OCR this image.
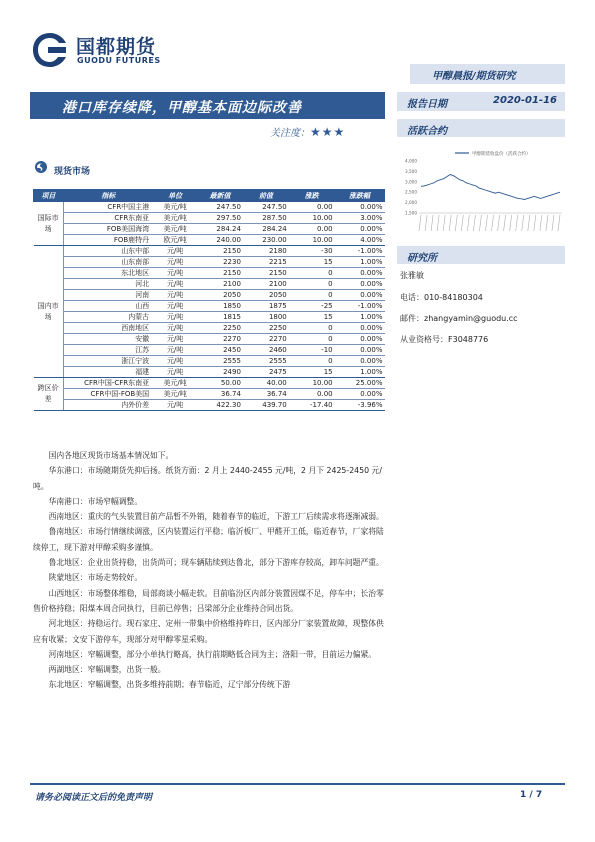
国都期货
GUODU FUTURES
甲醇晨报/期货研究
港口库存续降，甲醇基本面边际改善
关注度：★★★
报告日期	2020-01-16
活跃合约
甲醇期货收盘价（活跃合约）
4,000
3,500
3,000
2,500
2,000
1,500
研究所
张雅敏
电话：010-84180304
邮件：zhangyamin@guodu.cc
从业资格号：F3048776
现货市场
项目	指标	单位	最新值	前值	涨跌	涨跌幅
国际市场	CFR中国主港	美元/吨	247.50	247.50	0.00	0.00%
	CFR东南亚	美元/吨	297.50	287.50	10.00	3.00%
	FOB美国海湾	美元/吨	284.24	284.24	0.00	0.00%
	FOB鹿特丹	欧元/吨	240.00	230.00	10.00	4.00%
国内市场	山东中部	元/吨	2150	2180	-30	-1.00%
	山东南部	元/吨	2230	2215	15	1.00%
	东北地区	元/吨	2150	2150	0	0.00%
	河北	元/吨	2100	2100	0	0.00%
	河南	元/吨	2050	2050	0	0.00%
	山西	元/吨	1850	1875	-25	-1.00%
	内蒙古	元/吨	1815	1800	15	1.00%
	西南地区	元/吨	2250	2250	0	0.00%
	安徽	元/吨	2270	2270	0	0.00%
	江苏	元/吨	2450	2460	-10	0.00%
	浙江宁波	元/吨	2555	2555	0	0.00%
	福建	元/吨	2490	2475	15	1.00%
跨区价差	CFR中国-CFR东南亚	美元/吨	50.00	40.00	10.00	25.00%
	CFR中国-FOB美国	美元/吨	36.74	36.74	0.00	0.00%
	内外价差	元/吨	422.30	439.70	-17.40	-3.96%

国内各地区现货市场基本情况如下。

华东港口：市场随期货先抑后扬。纸货方面：2 月上 2440-2455 元/吨，2 月下 2425-2450 元/吨。

华南港口：市场窄幅调整。

西南地区：重庆的气头装置目前产品暂不外销，随着春节的临近，下游工厂后续需求将逐渐减弱。

鲁南地区：市场行情继续调涨，区内装置运行平稳；临沂板厂、甲醛开工低，临近春节，厂家将陆续停工，现下游对甲醇采购多谨慎。

鲁北地区：企业出货持稳，出货尚可；现车辆陆续到达鲁北，部分下游库存较高，卸车问题严重。

陕蒙地区：市场走势较好。

山西地区：市场整体维稳，局部商谈小幅走软。目前临汾区内部分装置因煤不足，停车中；长治零售价格持稳；阳煤本周合同执行，目前已停售；吕梁部分企业维持合同出货。

河北地区：持稳运行。现石家庄、定州一带集中价格维持昨日，区内部分厂家装置故障，现整体供应有收紧；文安下游停车，现部分对甲醇零星采购。

河南地区：窄幅调整，部分小单执行略高，执行前期略低合同为主；洛阳一带，目前运力偏紧。

两湖地区：窄幅调整，出货一般。

东北地区：窄幅调整，出货多维持前期；春节临近，辽宁部分传统下游

请务必阅读正文后的免责声明	1 / 7
